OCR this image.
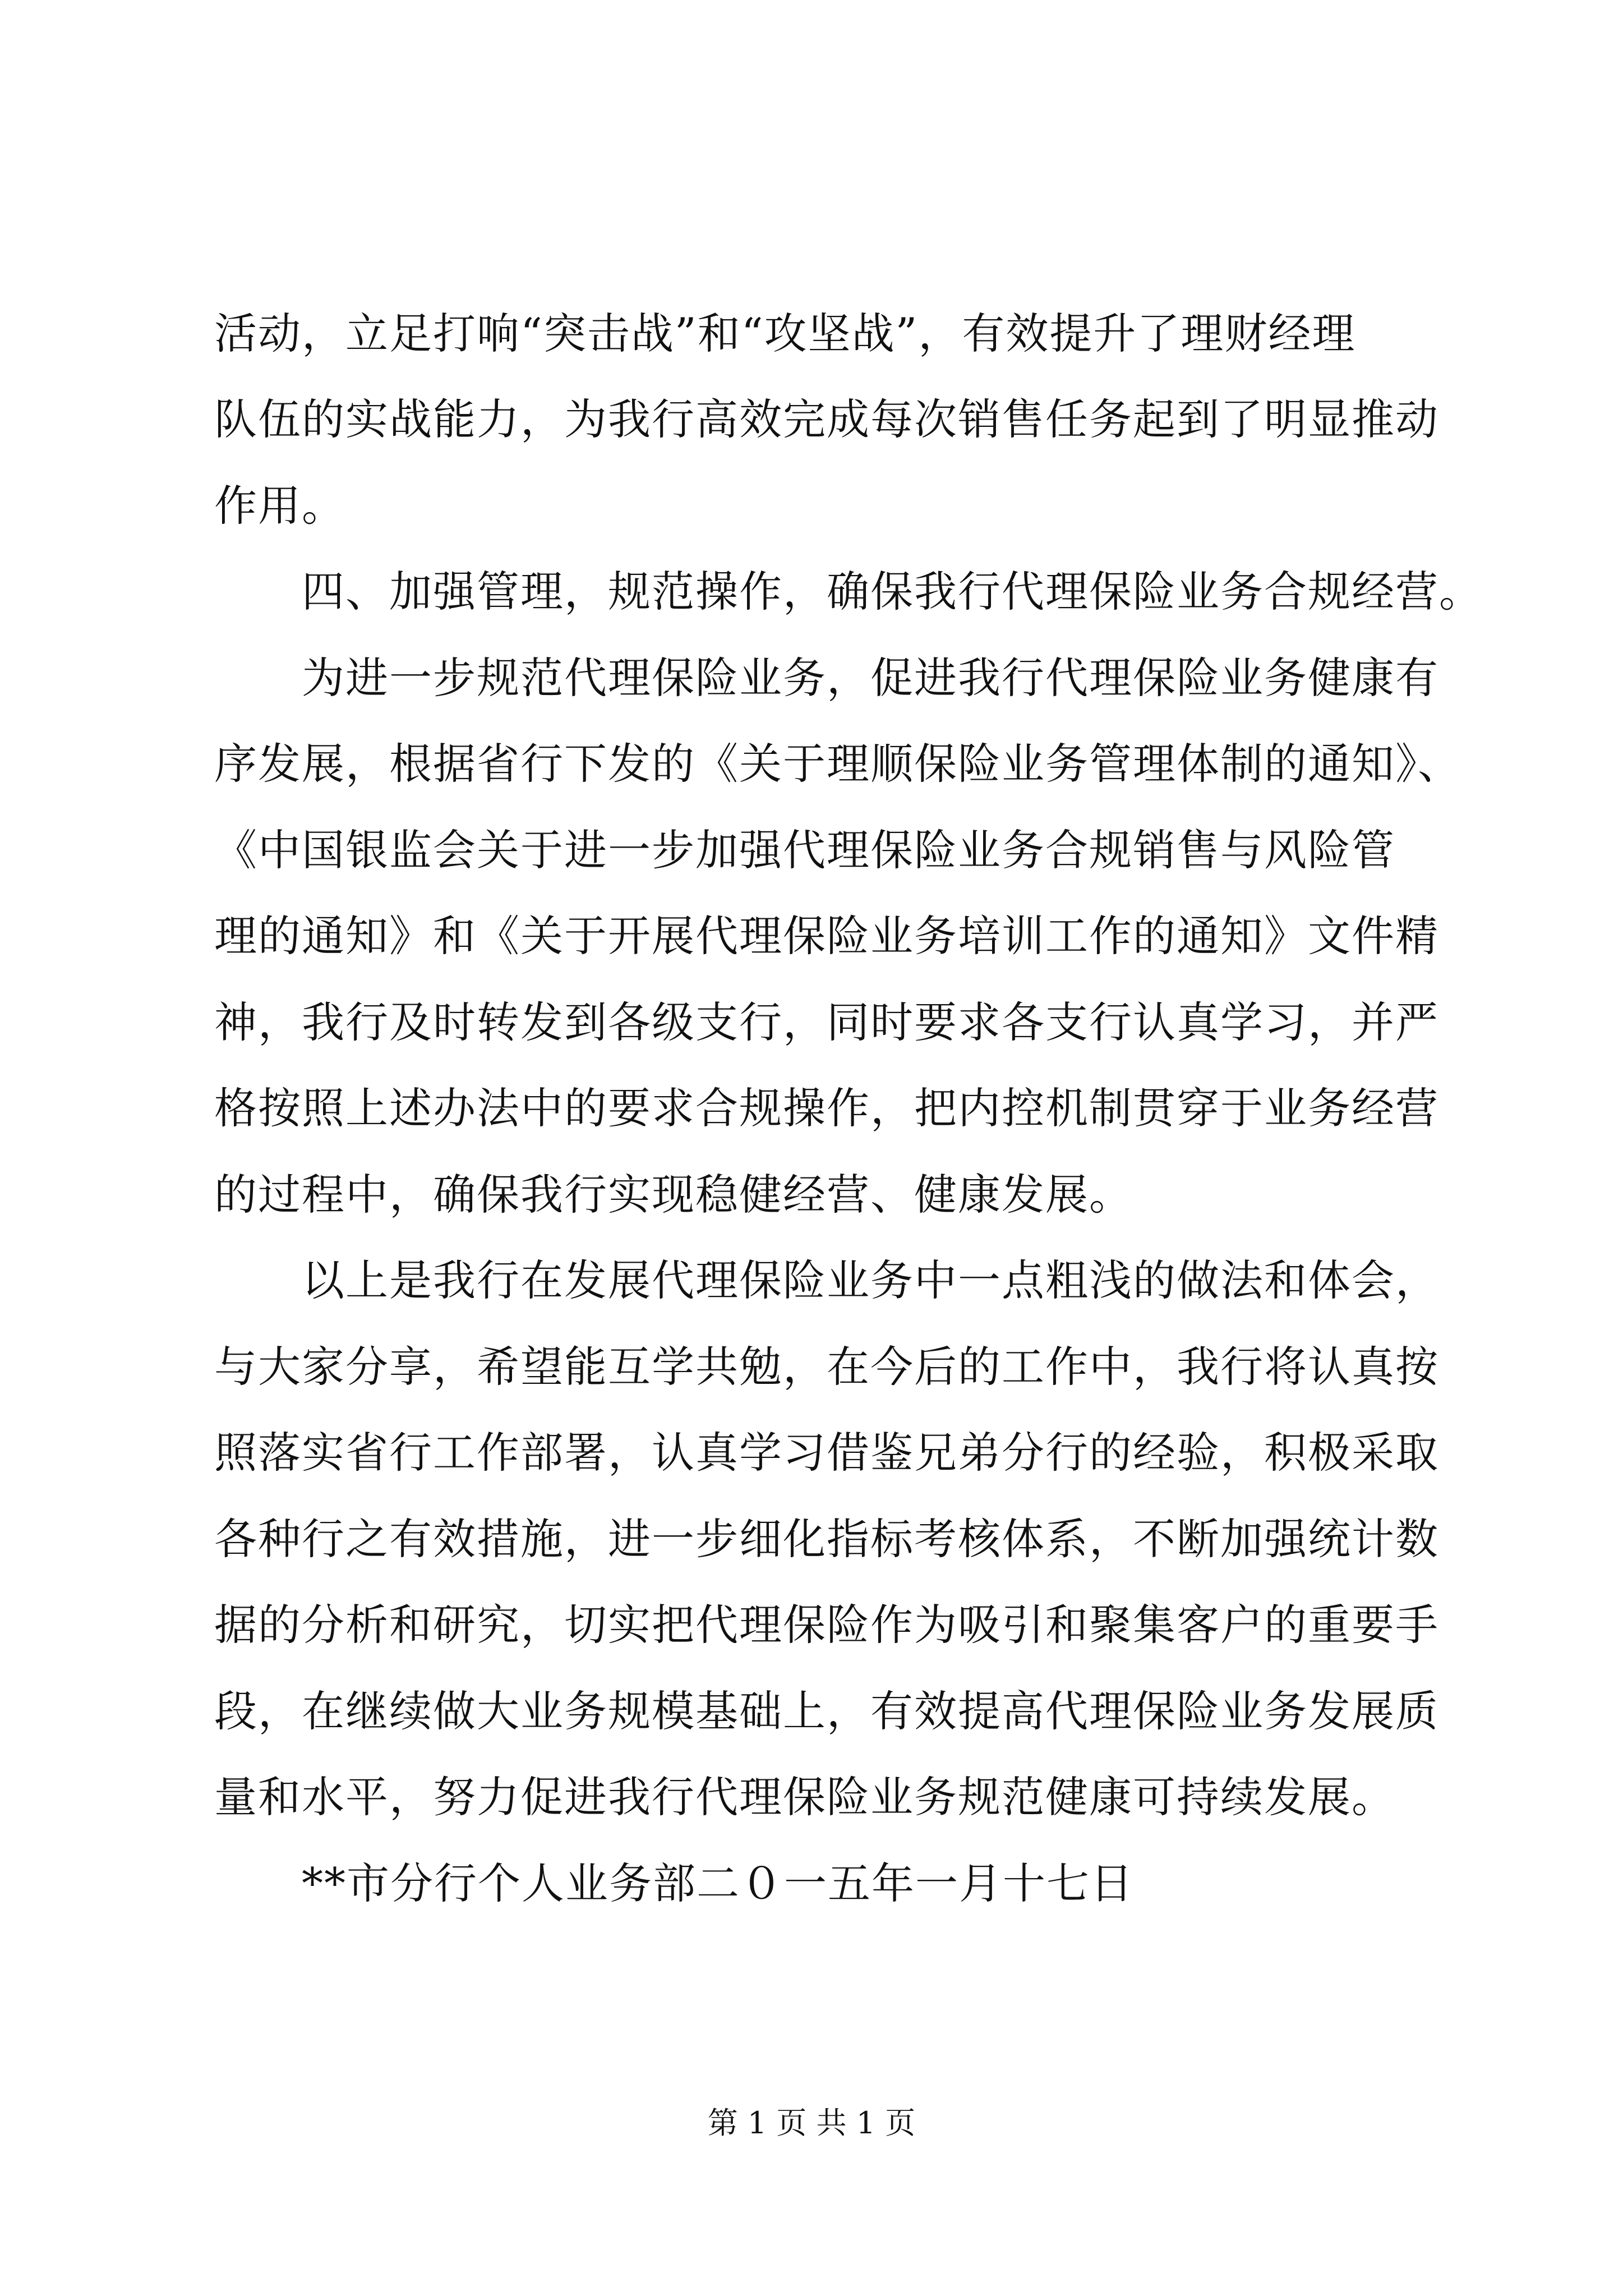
活动，立足打响“突击战”和“攻坚战”，有效提升了理财经理
队伍的实战能力，为我行高效完成每次销售任务起到了明显推动
作用。
四、加强管理，规范操作，确保我行代理保险业务合规经营。
为进一步规范代理保险业务，促进我行代理保险业务健康有
序发展，根据省行下发的《关于理顺保险业务管理体制的通知》、
《中国银监会关于进一步加强代理保险业务合规销售与风险管
理的通知》和《关于开展代理保险业务培训工作的通知》文件精
神，我行及时转发到各级支行，同时要求各支行认真学习，并严
格按照上述办法中的要求合规操作，把内控机制贯穿于业务经营
的过程中，确保我行实现稳健经营、健康发展。
以上是我行在发展代理保险业务中一点粗浅的做法和体会，
与大家分享，希望能互学共勉，在今后的工作中，我行将认真按
照落实省行工作部署，认真学习借鉴兄弟分行的经验，积极采取
各种行之有效措施，进一步细化指标考核体系，不断加强统计数
据的分析和研究，切实把代理保险作为吸引和聚集客户的重要手
段，在继续做大业务规模基础上，有效提高代理保险业务发展质
量和水平，努力促进我行代理保险业务规范健康可持续发展。
**市分行个人业务部二０一五年一月十七日
第 1 页 共 1 页
